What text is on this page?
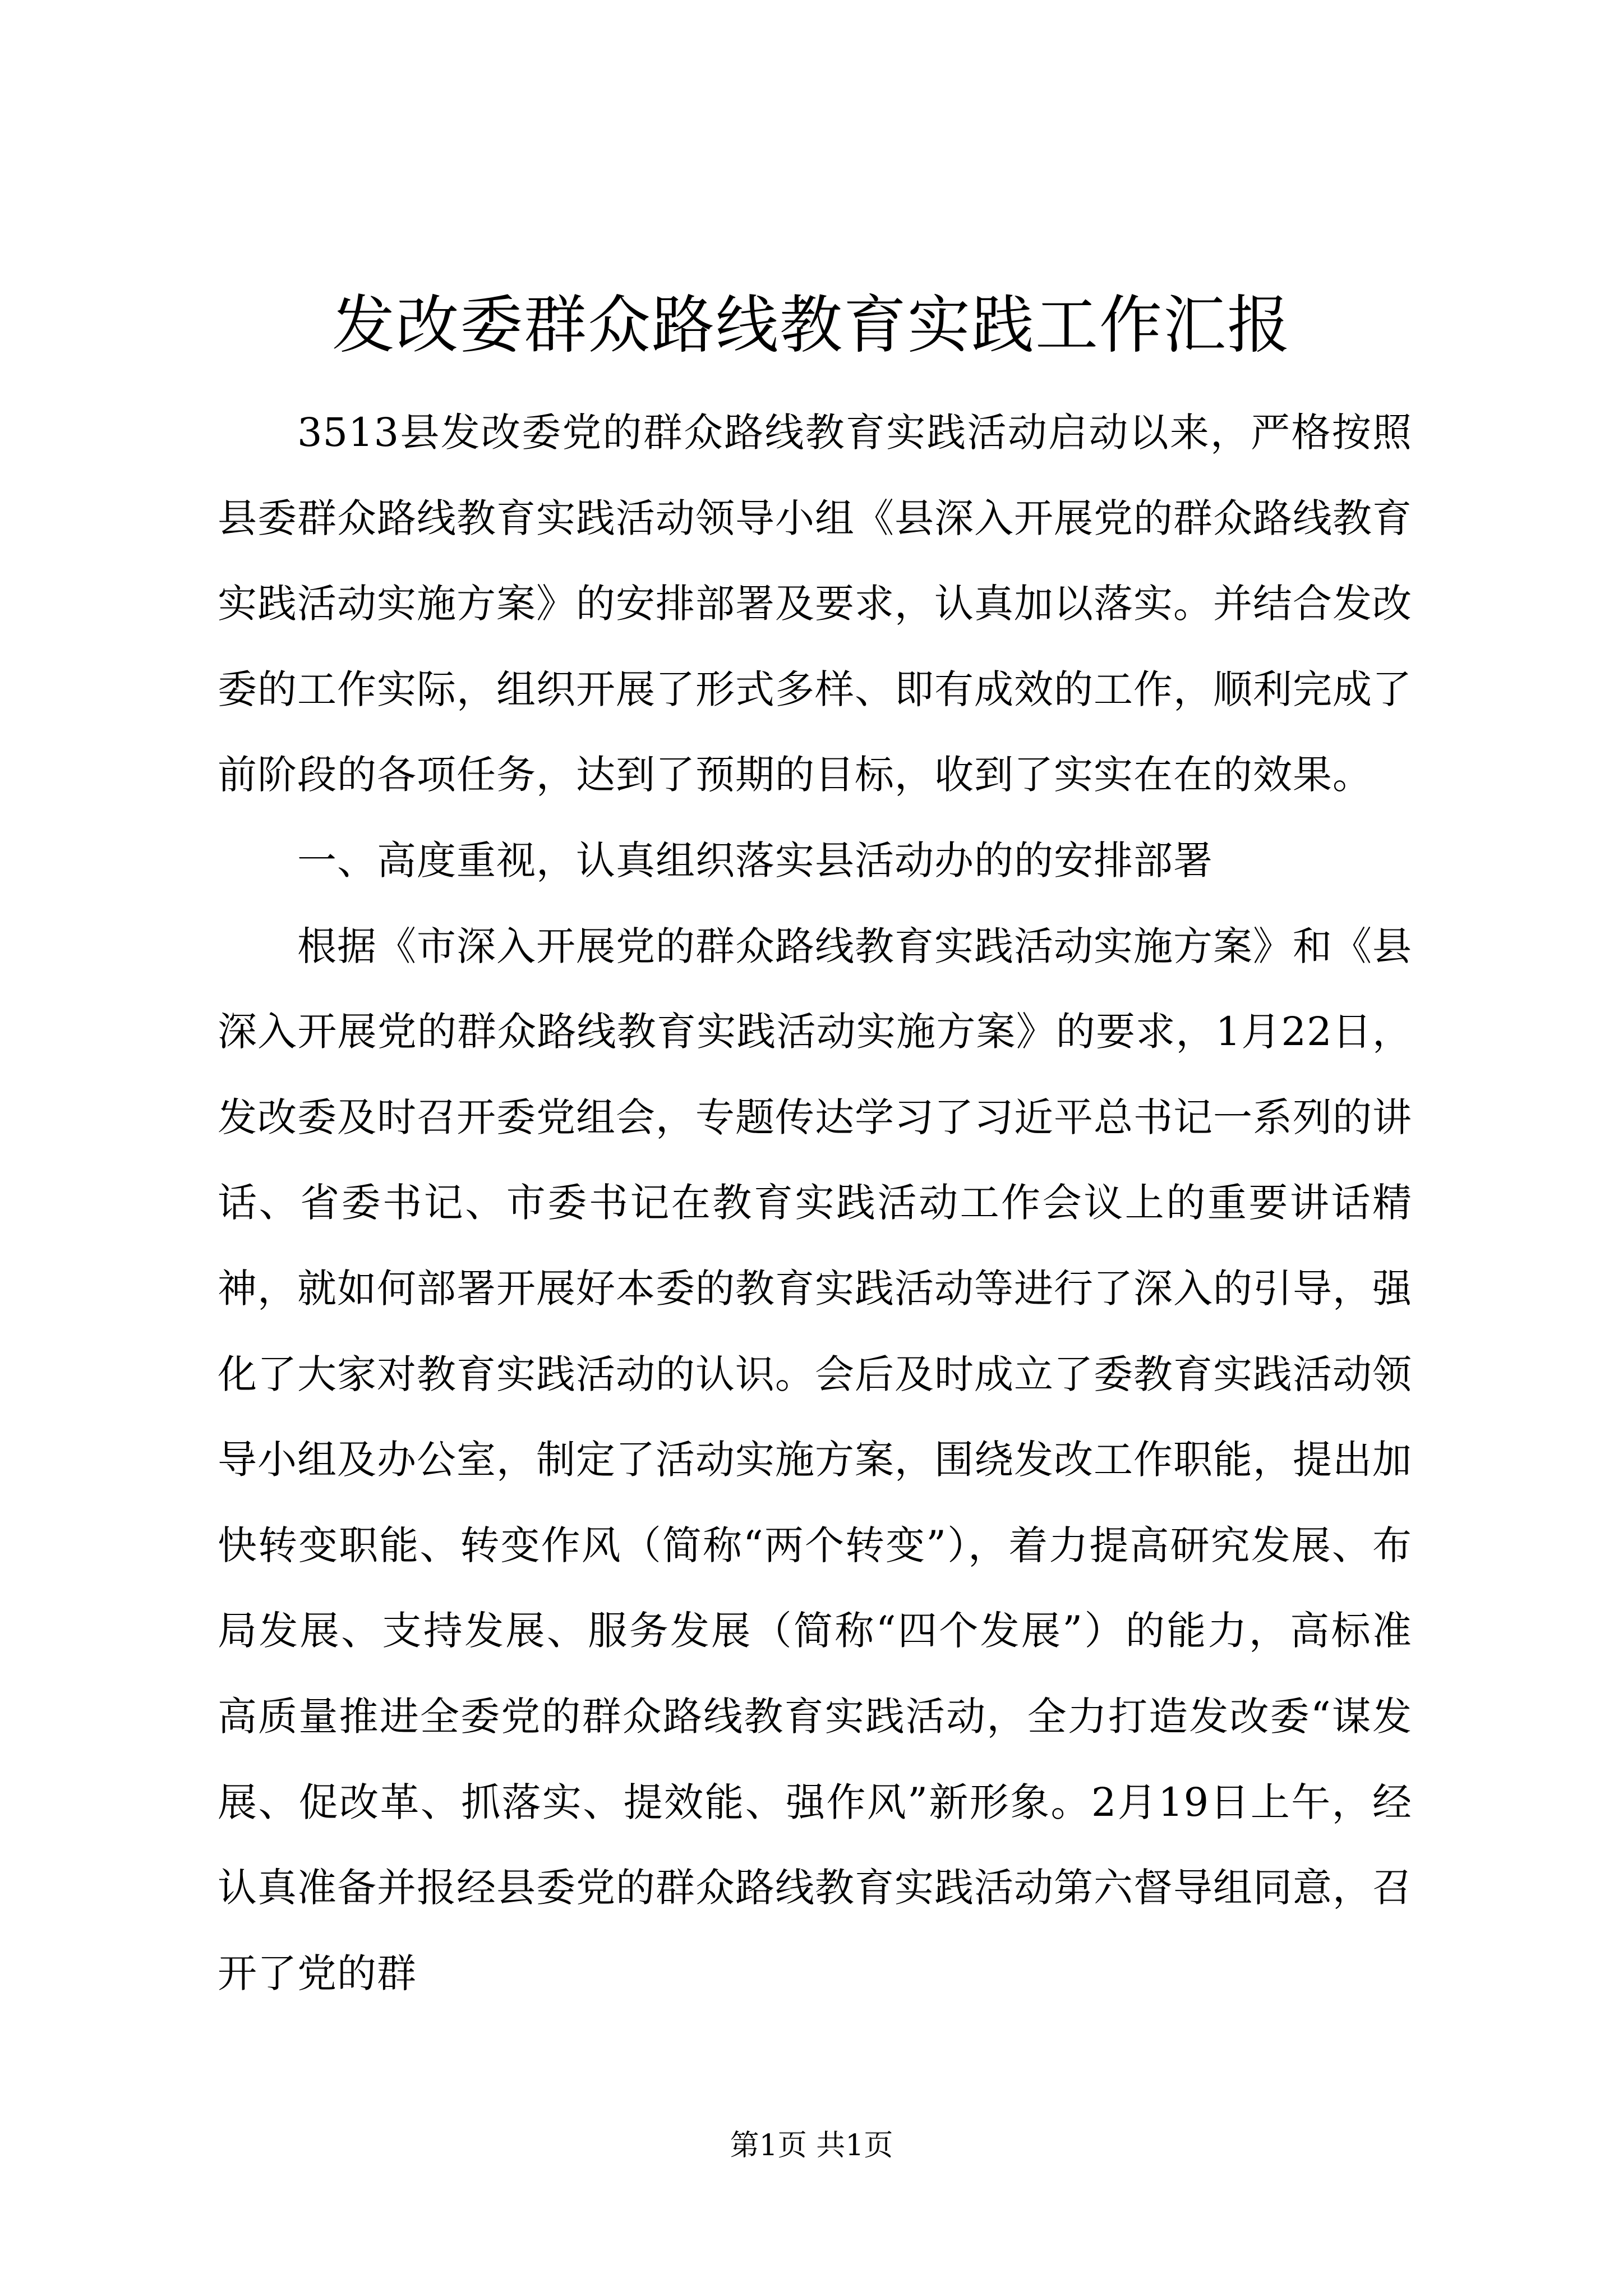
发改委群众路线教育实践工作汇报

3513县发改委党的群众路线教育实践活动启动以来，严格按照县委群众路线教育实践活动领导小组《县深入开展党的群众路线教育实践活动实施方案》的安排部署及要求，认真加以落实。并结合发改委的工作实际，组织开展了形式多样、即有成效的工作，顺利完成了前阶段的各项任务，达到了预期的目标，收到了实实在在的效果。

一、高度重视，认真组织落实县活动办的的安排部署

根据《市深入开展党的群众路线教育实践活动实施方案》和《县深入开展党的群众路线教育实践活动实施方案》的要求，1月22日，发改委及时召开委党组会，专题传达学习了习近平总书记一系列的讲话、省委书记、市委书记在教育实践活动工作会议上的重要讲话精神，就如何部署开展好本委的教育实践活动等进行了深入的引导，强化了大家对教育实践活动的认识。会后及时成立了委教育实践活动领导小组及办公室，制定了活动实施方案，围绕发改工作职能，提出加快转变职能、转变作风（简称“两个转变”），着力提高研究发展、布局发展、支持发展、服务发展（简称“四个发展”）的能力，高标准高质量推进全委党的群众路线教育实践活动，全力打造发改委“谋发展、促改革、抓落实、提效能、强作风”新形象。2月19日上午，经认真准备并报经县委党的群众路线教育实践活动第六督导组同意，召开了党的群

第1页 共1页
